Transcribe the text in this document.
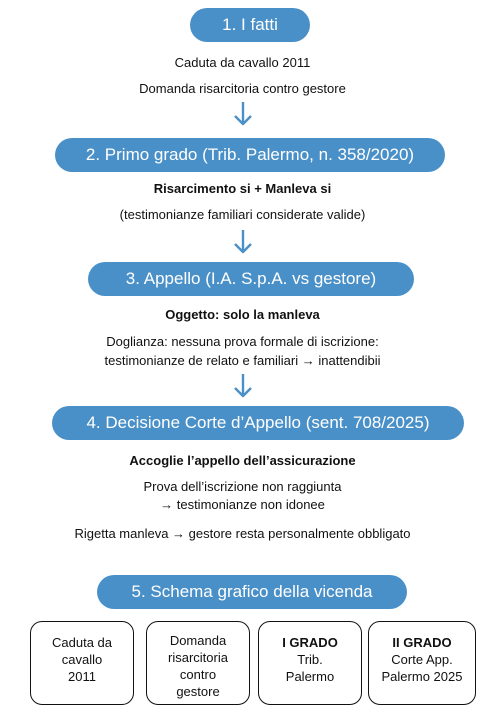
1. I fatti
Caduta da cavallo 2011
Domanda risarcitoria contro gestore
2. Primo grado (Trib. Palermo, n. 358/2020)
Risarcimento si + Manleva si
(testimonianze familiari considerate valide)
3. Appello (I.A. S.p.A. vs gestore)
Oggetto: solo la manleva
Doglianza: nessuna prova formale di iscrizione:
testimonianze de relato e familiari → inattendibii
4. Decisione Corte d’Appello (sent. 708/2025)
Accoglie l’appello dell’assicurazione
Prova dell’iscrizione non raggiunta
→ testimonianze non idonee
Rigetta manleva → gestore resta personalmente obbligato
5. Schema grafico della vicenda
Caduta da
cavallo
2011
Domanda
risarcitoria
contro
gestore
I GRADO
Trib.
Palermo
II GRADO
Corte App.
Palermo 2025
